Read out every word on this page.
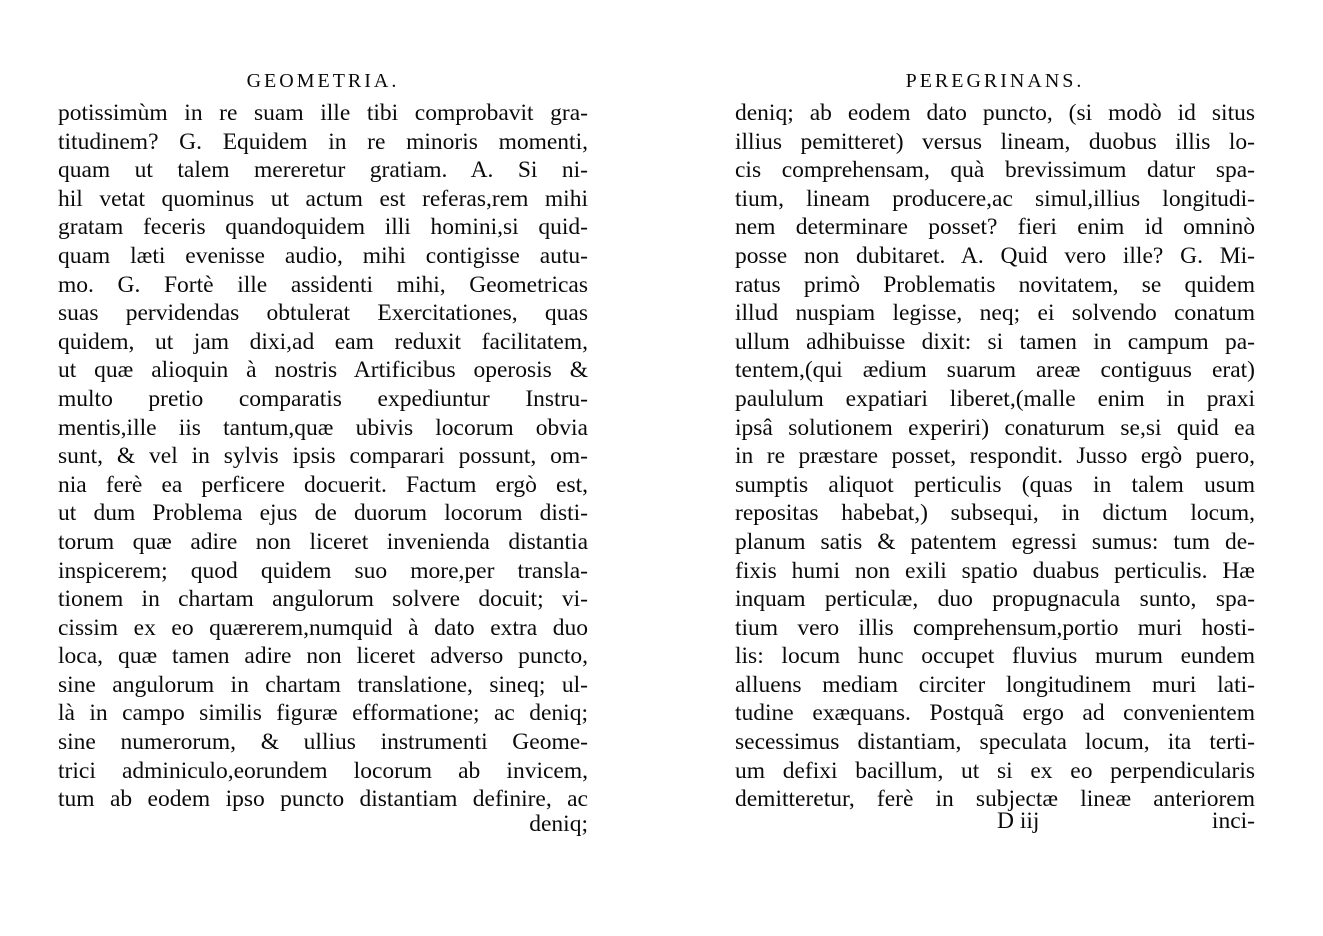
GEOMETRIA.
potissimùm in re suam ille tibi comprobavit gra-
titudinem? G. Equidem in re minoris momenti,
quam ut talem mereretur gratiam. A. Si ni-
hil vetat quominus ut actum est referas,rem mihi
gratam feceris quandoquidem illi homini,si quid-
quam læti evenisse audio, mihi contigisse autu-
mo. G. Fortè ille assidenti mihi, Geometricas
suas pervidendas obtulerat Exercitationes, quas
quidem, ut jam dixi,ad eam reduxit facilitatem,
ut quæ alioquin à nostris Artificibus operosis &
multo pretio comparatis expediuntur Instru-
mentis,ille iis tantum,quæ ubivis locorum obvia
sunt, & vel in sylvis ipsis comparari possunt, om-
nia ferè ea perficere docuerit. Factum ergò est,
ut dum Problema ejus de duorum locorum disti-
torum quæ adire non liceret invenienda distantia
inspicerem; quod quidem suo more,per transla-
tionem in chartam angulorum solvere docuit; vi-
cissim ex eo quærerem,numquid à dato extra duo
loca, quæ tamen adire non liceret adverso puncto,
sine angulorum in chartam translatione, sineq; ul-
là in campo similis figuræ efformatione; ac deniq;
sine numerorum, & ullius instrumenti Geome-
trici adminiculo,eorundem locorum ab invicem,
tum ab eodem ipso puncto distantiam definire, ac
deniq;
PEREGRINANS.
deniq; ab eodem dato puncto, (si modò id situs
illius pemitteret) versus lineam, duobus illis lo-
cis comprehensam, quà brevissimum datur spa-
tium, lineam producere,ac simul,illius longitudi-
nem determinare posset? fieri enim id omninò
posse non dubitaret. A. Quid vero ille? G. Mi-
ratus primò Problematis novitatem, se quidem
illud nuspiam legisse, neq; ei solvendo conatum
ullum adhibuisse dixit: si tamen in campum pa-
tentem,(qui ædium suarum areæ contiguus erat)
paululum expatiari liberet,(malle enim in praxi
ipsâ solutionem experiri) conaturum se,si quid ea
in re præstare posset, respondit. Jusso ergò puero,
sumptis aliquot perticulis (quas in talem usum
repositas habebat,) subsequi, in dictum locum,
planum satis & patentem egressi sumus: tum de-
fixis humi non exili spatio duabus perticulis. Hæ
inquam perticulæ, duo propugnacula sunto, spa-
tium vero illis comprehensum,portio muri hosti-
lis: locum hunc occupet fluvius murum eundem
alluens mediam circiter longitudinem muri lati-
tudine exæquans. Postquã ergo ad convenientem
secessimus distantiam, speculata locum, ita terti-
um defixi bacillum, ut si ex eo perpendicularis
demitteretur, ferè in subjectæ lineæ anteriorem
D iij	inci-
